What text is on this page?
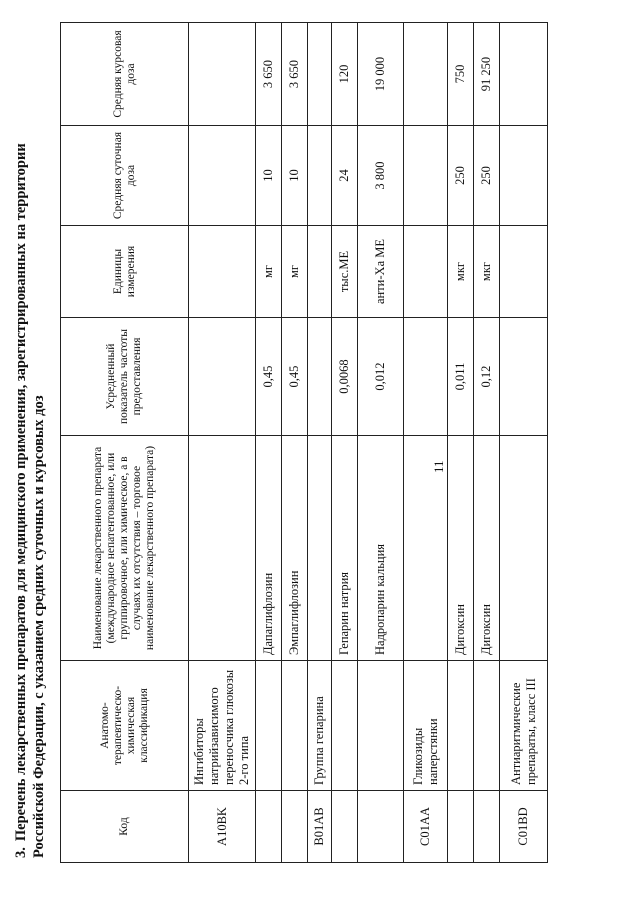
11
3.Перечень лекарственных препаратов для медицинского применения, зарегистрированных на территории Российской Федерации, с указанием средних суточных и курсовых доз	Код	Анатомо-терапевтическо-химическая классификация	Наименование лекарственного препарата (международное непатентованное, или группировочное, или химическое, а в случаях их отсутствия – торговое наименование лекарственного препарата)	Усредненный показатель частоты предоставления	Единицы измерения	Средняя суточная доза	Средняя курсовая доза
A10BK	Ингибиторы натрийзависимого переносчика глюкозы 2-го типа					
		Дапаглифлозин	0,45	мг	10	3 650
		Эмпаглифлозин	0,45	мг	10	3 650
B01AB	Группа гепарина					
		Гепарин натрия	0,0068	тыс.МЕ	24	120
		Надропарин кальция	0,012	анти-Ха МЕ	3 800	19 000
C01AA	Гликозиды наперстянки					
		Дигоксин	0,011	мкг	250	750
		Дигоксин	0,12	мкг	250	91 250
C01BD	Антиаритмические препараты, класс III					
